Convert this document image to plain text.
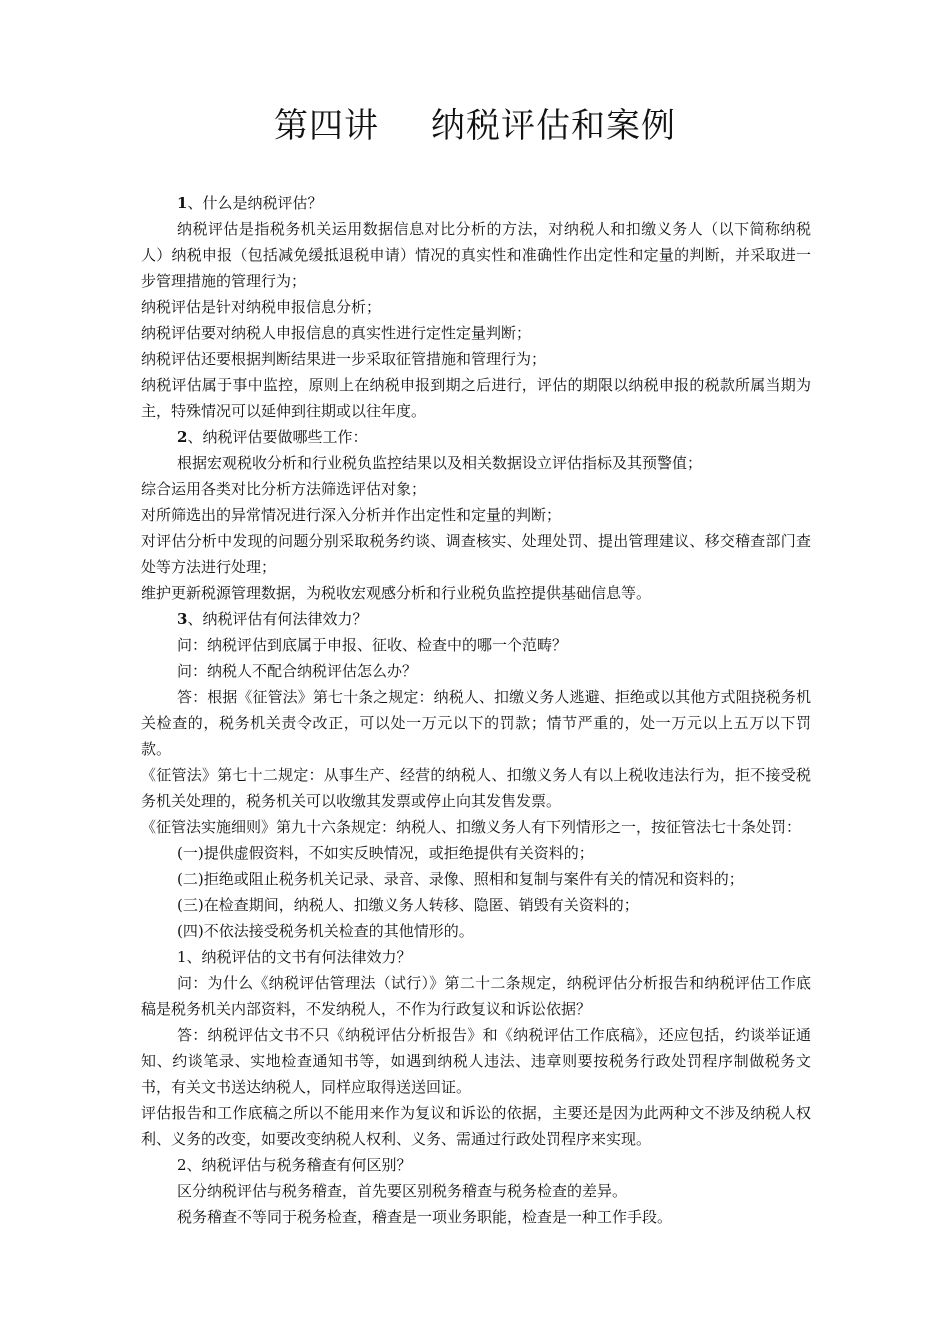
第四讲 纳税评估和案例

1、什么是纳税评估？

纳税评估是指税务机关运用数据信息对比分析的方法，对纳税人和扣缴义务人（以下简称纳税人）纳税申报（包括减免缓抵退税申请）情况的真实性和准确性作出定性和定量的判断，并采取进一步管理措施的管理行为；

纳税评估是针对纳税申报信息分析；

纳税评估要对纳税人申报信息的真实性进行定性定量判断；

纳税评估还要根据判断结果进一步采取征管措施和管理行为；

纳税评估属于事中监控，原则上在纳税申报到期之后进行，评估的期限以纳税申报的税款所属当期为主，特殊情况可以延伸到往期或以往年度。

2、纳税评估要做哪些工作：

根据宏观税收分析和行业税负监控结果以及相关数据设立评估指标及其预警值；

综合运用各类对比分析方法筛选评估对象；

对所筛选出的异常情况进行深入分析并作出定性和定量的判断；

对评估分析中发现的问题分别采取税务约谈、调查核实、处理处罚、提出管理建议、移交稽查部门查处等方法进行处理；

维护更新税源管理数据，为税收宏观感分析和行业税负监控提供基础信息等。

3、纳税评估有何法律效力？

问：纳税评估到底属于申报、征收、检查中的哪一个范畴？

问：纳税人不配合纳税评估怎么办？

答：根据《征管法》第七十条之规定：纳税人、扣缴义务人逃避、拒绝或以其他方式阻挠税务机关检查的，税务机关责令改正，可以处一万元以下的罚款；情节严重的，处一万元以上五万以下罚款。

《征管法》第七十二规定：从事生产、经营的纳税人、扣缴义务人有以上税收违法行为，拒不接受税务机关处理的，税务机关可以收缴其发票或停止向其发售发票。

《征管法实施细则》第九十六条规定：纳税人、扣缴义务人有下列情形之一，按征管法七十条处罚：

(一)提供虚假资料，不如实反映情况，或拒绝提供有关资料的；

(二)拒绝或阻止税务机关记录、录音、录像、照相和复制与案件有关的情况和资料的；

(三)在检查期间，纳税人、扣缴义务人转移、隐匿、销毁有关资料的；

(四)不依法接受税务机关检查的其他情形的。

1、纳税评估的文书有何法律效力？

问：为什么《纳税评估管理法（试行）》第二十二条规定，纳税评估分析报告和纳税评估工作底稿是税务机关内部资料，不发纳税人，不作为行政复议和诉讼依据？

答：纳税评估文书不只《纳税评估分析报告》和《纳税评估工作底稿》，还应包括，约谈举证通知、约谈笔录、实地检查通知书等，如遇到纳税人违法、违章则要按税务行政处罚程序制做税务文书，有关文书送达纳税人，同样应取得送送回证。

评估报告和工作底稿之所以不能用来作为复议和诉讼的依据，主要还是因为此两种文不涉及纳税人权利、义务的改变，如要改变纳税人权利、义务、需通过行政处罚程序来实现。

2、纳税评估与税务稽查有何区别？

区分纳税评估与税务稽查，首先要区别税务稽查与税务检查的差异。

税务稽查不等同于税务检查，稽查是一项业务职能，检查是一种工作手段。
